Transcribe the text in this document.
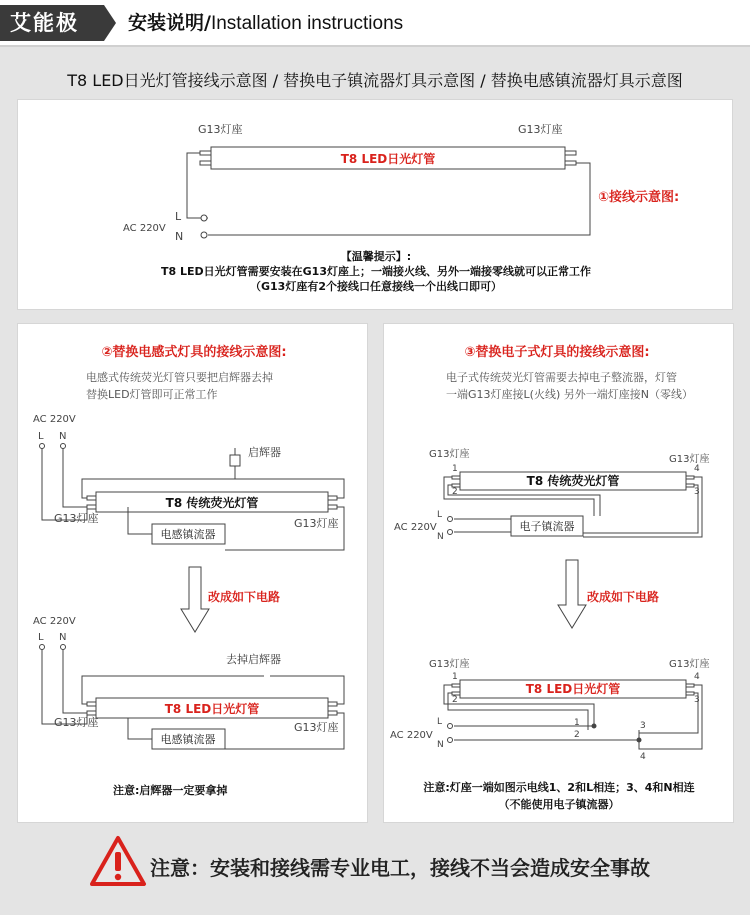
艾能极	安装说明/Installation instructions
T8 LED日光灯管接线示意图 / 替换电子镇流器灯具示意图 / 替换电感镇流器灯具示意图
G13灯座	G13灯座
T8 LED日光灯管
AC 220V
L
N
①接线示意图:
【温馨提示】:
T8 LED日光灯管需要安装在G13灯座上；一端接火线、另外一端接零线就可以正常工作
（G13灯座有2个接线口任意接线一个出线口即可）
②替换电感式灯具的接线示意图:
电感式传统荧光灯管只要把启辉器去掉
替换LED灯管即可正常工作
AC 220V
L N
启辉器
T8 传统荧光灯管
G13灯座	G13灯座
电感镇流器
改成如下电路
AC 220V
L N
去掉启辉器
T8 LED日光灯管
G13灯座	G13灯座
电感镇流器
注意:启辉器一定要拿掉
③替换电子式灯具的接线示意图:
电子式传统荧光灯管需要去掉电子整流器，灯管
一端G13灯座接L(火线) 另外一端灯座接N（零线）
G13灯座	G13灯座
T8 传统荧光灯管
1
2
4
3
AC 220V
L
N
电子镇流器
改成如下电路
G13灯座	G13灯座
T8 LED日光灯管
1
2
4
3
1
2
3
4
AC 220V
L
N
注意:灯座一端如图示电线1、2和L相连；3、4和N相连
（不能使用电子镇流器）
注意：安装和接线需专业电工，接线不当会造成安全事故
